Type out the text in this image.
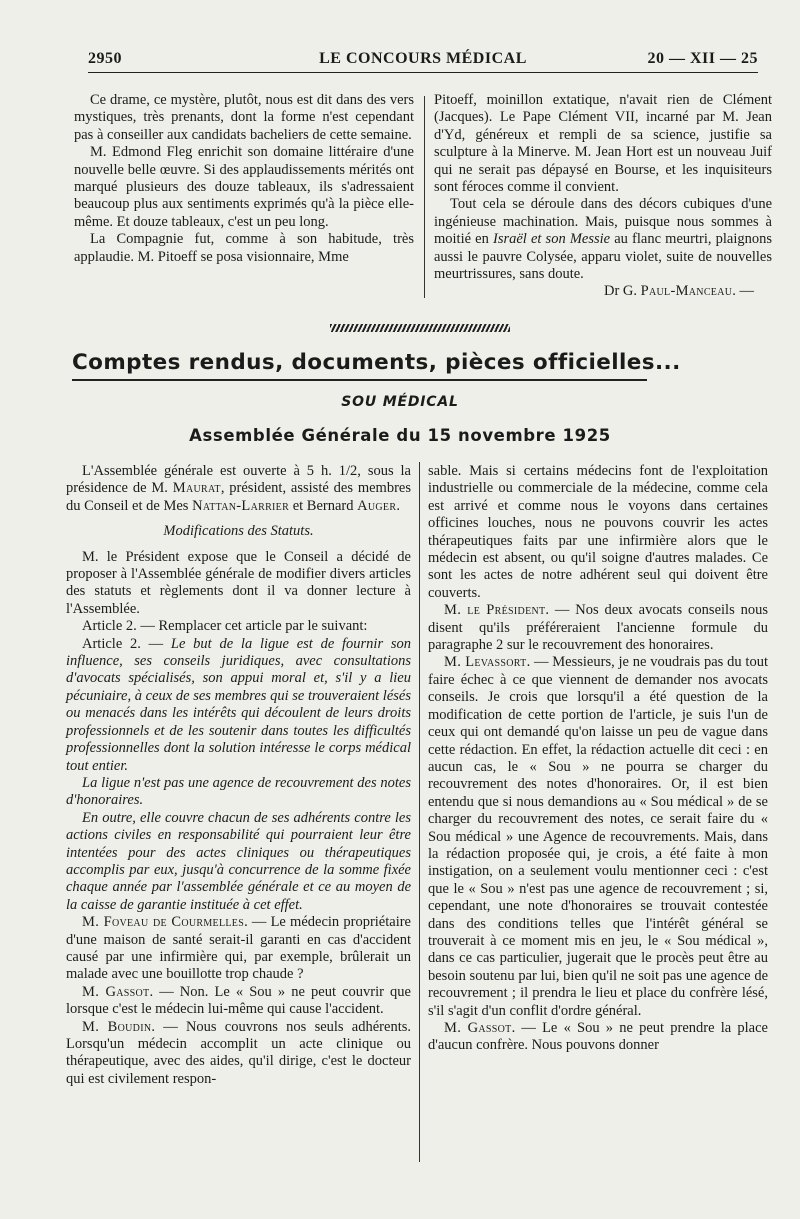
2950	LE CONCOURS MÉDICAL	20 — XII — 25

Ce drame, ce mystère, plutôt, nous est dit dans des vers mystiques, très prenants, dont la forme n'est cependant pas à conseiller aux candidats bacheliers de cette semaine.

M. Edmond Fleg enrichit son domaine littéraire d'une nouvelle belle œuvre. Si des applaudissements mérités ont marqué plusieurs des douze tableaux, ils s'adressaient beaucoup plus aux sentiments exprimés qu'à la pièce elle-même. Et douze tableaux, c'est un peu long.

La Compagnie fut, comme à son habitude, très applaudie. M. Pitoeff se posa visionnaire, Mme

Pitoeff, moinillon extatique, n'avait rien de Clément (Jacques). Le Pape Clément VII, incarné par M. Jean d'Yd, généreux et rempli de sa science, justifie sa sculpture à la Minerve. M. Jean Hort est un nouveau Juif qui ne serait pas dépaysé en Bourse, et les inquisiteurs sont féroces comme il convient.

Tout cela se déroule dans des décors cubiques d'une ingénieuse machination. Mais, puisque nous sommes à moitié en Israël et son Messie au flanc meurtri, plaignons aussi le pauvre Colysée, apparu violet, suite de nouvelles meurtrissures, sans doute.

Dr G. Paul-Manceau. —

Comptes rendus, documents, pièces officielles...
SOU MÉDICAL
Assemblée Générale du 15 novembre 1925

L'Assemblée générale est ouverte à 5 h. 1/2, sous la présidence de M. Maurat, président, assisté des membres du Conseil et de Mes Nattan-Larrier et Bernard Auger.

Modifications des Statuts.

M. le Président expose que le Conseil a décidé de proposer à l'Assemblée générale de modifier divers articles des statuts et règlements dont il va donner lecture à l'Assemblée.

Article 2. — Remplacer cet article par le suivant:

Article 2. — Le but de la ligue est de fournir son influence, ses conseils juridiques, avec consultations d'avocats spécialisés, son appui moral et, s'il y a lieu pécuniaire, à ceux de ses membres qui se trouveraient lésés ou menacés dans les intérêts qui découlent de leurs droits professionnels et de les soutenir dans toutes les difficultés professionnelles dont la solution intéresse le corps médical tout entier.

La ligue n'est pas une agence de recouvrement des notes d'honoraires.

En outre, elle couvre chacun de ses adhérents contre les actions civiles en responsabilité qui pourraient leur être intentées pour des actes cliniques ou thérapeutiques accomplis par eux, jusqu'à concurrence de la somme fixée chaque année par l'assemblée générale et ce au moyen de la caisse de garantie instituée à cet effet.

M. Foveau de Courmelles. — Le médecin propriétaire d'une maison de santé serait-il garanti en cas d'accident causé par une infirmière qui, par exemple, brûlerait un malade avec une bouillotte trop chaude ?

M. Gassot. — Non. Le « Sou » ne peut couvrir que lorsque c'est le médecin lui-même qui cause l'accident.

M. Boudin. — Nous couvrons nos seuls adhérents. Lorsqu'un médecin accomplit un acte clinique ou thérapeutique, avec des aides, qu'il dirige, c'est le docteur qui est civilement respon-

sable. Mais si certains médecins font de l'exploitation industrielle ou commerciale de la médecine, comme cela est arrivé et comme nous le voyons dans certaines officines louches, nous ne pouvons couvrir les actes thérapeutiques faits par une infirmière alors que le médecin est absent, ou qu'il soigne d'autres malades. Ce sont les actes de notre adhérent seul qui doivent être couverts.

M. le Président. — Nos deux avocats conseils nous disent qu'ils préféreraient l'ancienne formule du paragraphe 2 sur le recouvrement des honoraires.

M. Levassort. — Messieurs, je ne voudrais pas du tout faire échec à ce que viennent de demander nos avocats conseils. Je crois que lorsqu'il a été question de la modification de cette portion de l'article, je suis l'un de ceux qui ont demandé qu'on laisse un peu de vague dans cette rédaction. En effet, la rédaction actuelle dit ceci : en aucun cas, le « Sou » ne pourra se charger du recouvrement des notes d'honoraires. Or, il est bien entendu que si nous demandions au « Sou médical » de se charger du recouvrement des notes, ce serait faire du « Sou médical » une Agence de recouvrements. Mais, dans la rédaction proposée qui, je crois, a été faite à mon instigation, on a seulement voulu mentionner ceci : c'est que le « Sou » n'est pas une agence de recouvrement ; si, cependant, une note d'honoraires se trouvait contestée dans des conditions telles que l'intérêt général se trouverait à ce moment mis en jeu, le « Sou médical », dans ce cas particulier, jugerait que le procès peut être au besoin soutenu par lui, bien qu'il ne soit pas une agence de recouvrement ; il prendra le lieu et place du confrère lésé, s'il s'agit d'un conflit d'ordre général.

M. Gassot. — Le « Sou » ne peut prendre la place d'aucun confrère. Nous pouvons donner
